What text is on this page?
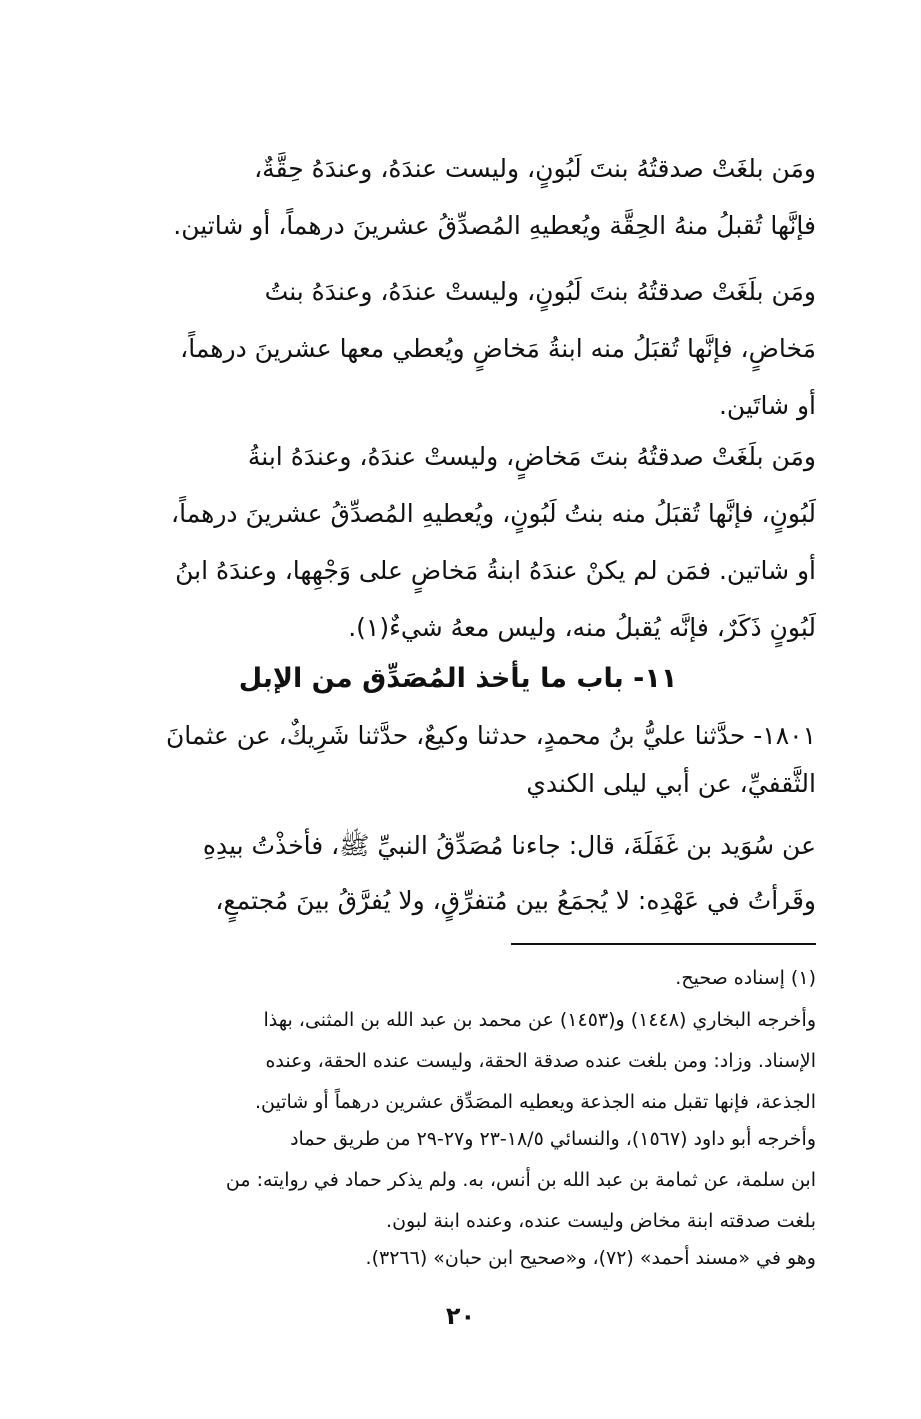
ومَن بلغَتْ صدقتُهُ بنتَ لَبُونٍ، وليست عندَهُ، وعندَهُ حِقَّةٌ،
فإنَّها تُقبلُ منهُ الحِقَّة ويُعطيهِ المُصدِّقُ عشرينَ درهماً، أو شاتين.
ومَن بلَغَتْ صدقتُهُ بنتَ لَبُونٍ، وليستْ عندَهُ، وعندَهُ بنتُ
مَخاضٍ، فإنَّها تُقبَلُ منه ابنةُ مَخاضٍ ويُعطي معها عشرينَ درهماً،
أو شاتَين.
ومَن بلَغَتْ صدقتُهُ بنتَ مَخاضٍ، وليستْ عندَهُ، وعندَهُ ابنةُ
لَبُونٍ، فإنَّها تُقبَلُ منه بنتُ لَبُونٍ، ويُعطيهِ المُصدِّقُ عشرينَ درهماً،
أو شاتين. فمَن لم يكنْ عندَهُ ابنةُ مَخاضٍ على وَجْهِها، وعندَهُ ابنُ
لَبُونٍ ذَكَرٌ، فإنَّه يُقبلُ منه، وليس معهُ شيءٌ(١).
١١- باب ما يأخذ المُصَدِّق من الإبل
١٨٠١- حدَّثنا عليُّ بنُ محمدٍ، حدثنا وكيعٌ، حدَّثنا شَرِيكٌ، عن عثمانَ
الثَّقفيِّ، عن أبي ليلى الكندي
عن سُوَيد بن غَفَلَةَ، قال: جاءنا مُصَدِّقُ النبيِّ ﷺ، فأخذْتُ بيدِهِ
وقَرأتُ في عَهْدِه: لا يُجمَعُ بين مُتفرِّقٍ، ولا يُفرَّقُ بينَ مُجتمعٍ،
(١) إسناده صحيح.
وأخرجه البخاري (١٤٤٨) و(١٤٥٣) عن محمد بن عبد الله بن المثنى، بهذا
الإسناد. وزاد: ومن بلغت عنده صدقة الحقة، وليست عنده الحقة، وعنده
الجذعة، فإنها تقبل منه الجذعة ويعطيه المصَدِّق عشرين درهماً أو شاتين.
وأخرجه أبو داود (١٥٦٧)، والنسائي ١٨/٥-٢٣ و٢٧-٢٩ من طريق حماد
ابن سلمة، عن ثمامة بن عبد الله بن أنس، به. ولم يذكر حماد في روايته: من
بلغت صدقته ابنة مخاض وليست عنده، وعنده ابنة لبون.
وهو في «مسند أحمد» (٧٢)، و«صحيح ابن حبان» (٣٢٦٦).
٢٠
